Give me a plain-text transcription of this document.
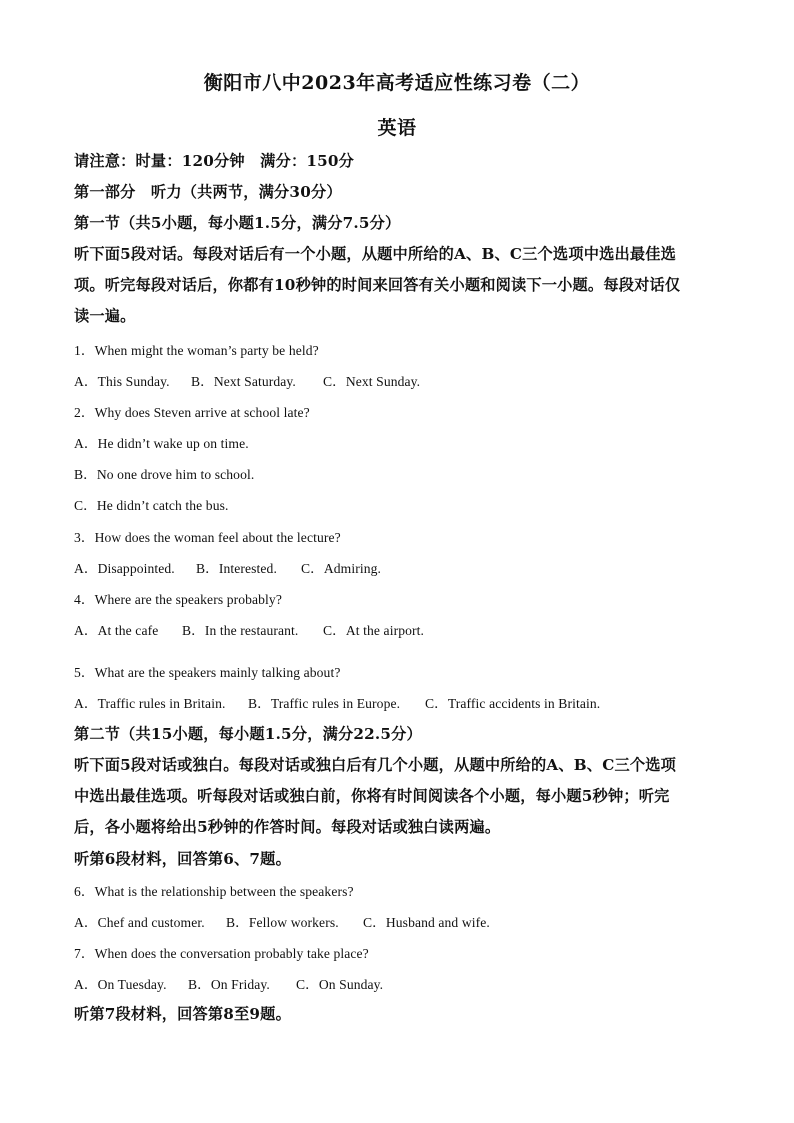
衡阳市八中2023年高考适应性练习卷（二）
英语
请注意：时量：120分钟　满分：150分
第一部分　听力（共两节，满分30分）
第一节（共5小题，每小题1.5分，满分7.5分）
听下面5段对话。每段对话后有一个小题，从题中所给的A、B、C三个选项中选出最佳选
项。听完每段对话后，你都有10秒钟的时间来回答有关小题和阅读下一小题。每段对话仅
读一遍。
1．When might the woman’s party be held?
A．This Sunday. B．Next Saturday. C．Next Sunday.
2．Why does Steven arrive at school late?
A．He didn’t wake up on time.
B．No one drove him to school.
C．He didn’t catch the bus.
3．How does the woman feel about the lecture?
A．Disappointed. B．Interested. C．Admiring.
4．Where are the speakers probably?
A．At the cafe B．In the restaurant. C．At the airport.
5．What are the speakers mainly talking about?
A．Traffic rules in Britain. B．Traffic rules in Europe. C．Traffic accidents in Britain.
第二节（共15小题，每小题1.5分，满分22.5分）
听下面5段对话或独白。每段对话或独白后有几个小题，从题中所给的A、B、C三个选项
中选出最佳选项。听每段对话或独白前，你将有时间阅读各个小题，每小题5秒钟；听完
后，各小题将给出5秒钟的作答时间。每段对话或独白读两遍。
听第6段材料，回答第6、7题。
6．What is the relationship between the speakers?
A．Chef and customer. B．Fellow workers. C．Husband and wife.
7．When does the conversation probably take place?
A．On Tuesday. B．On Friday. C．On Sunday.
听第7段材料，回答第8至9题。
